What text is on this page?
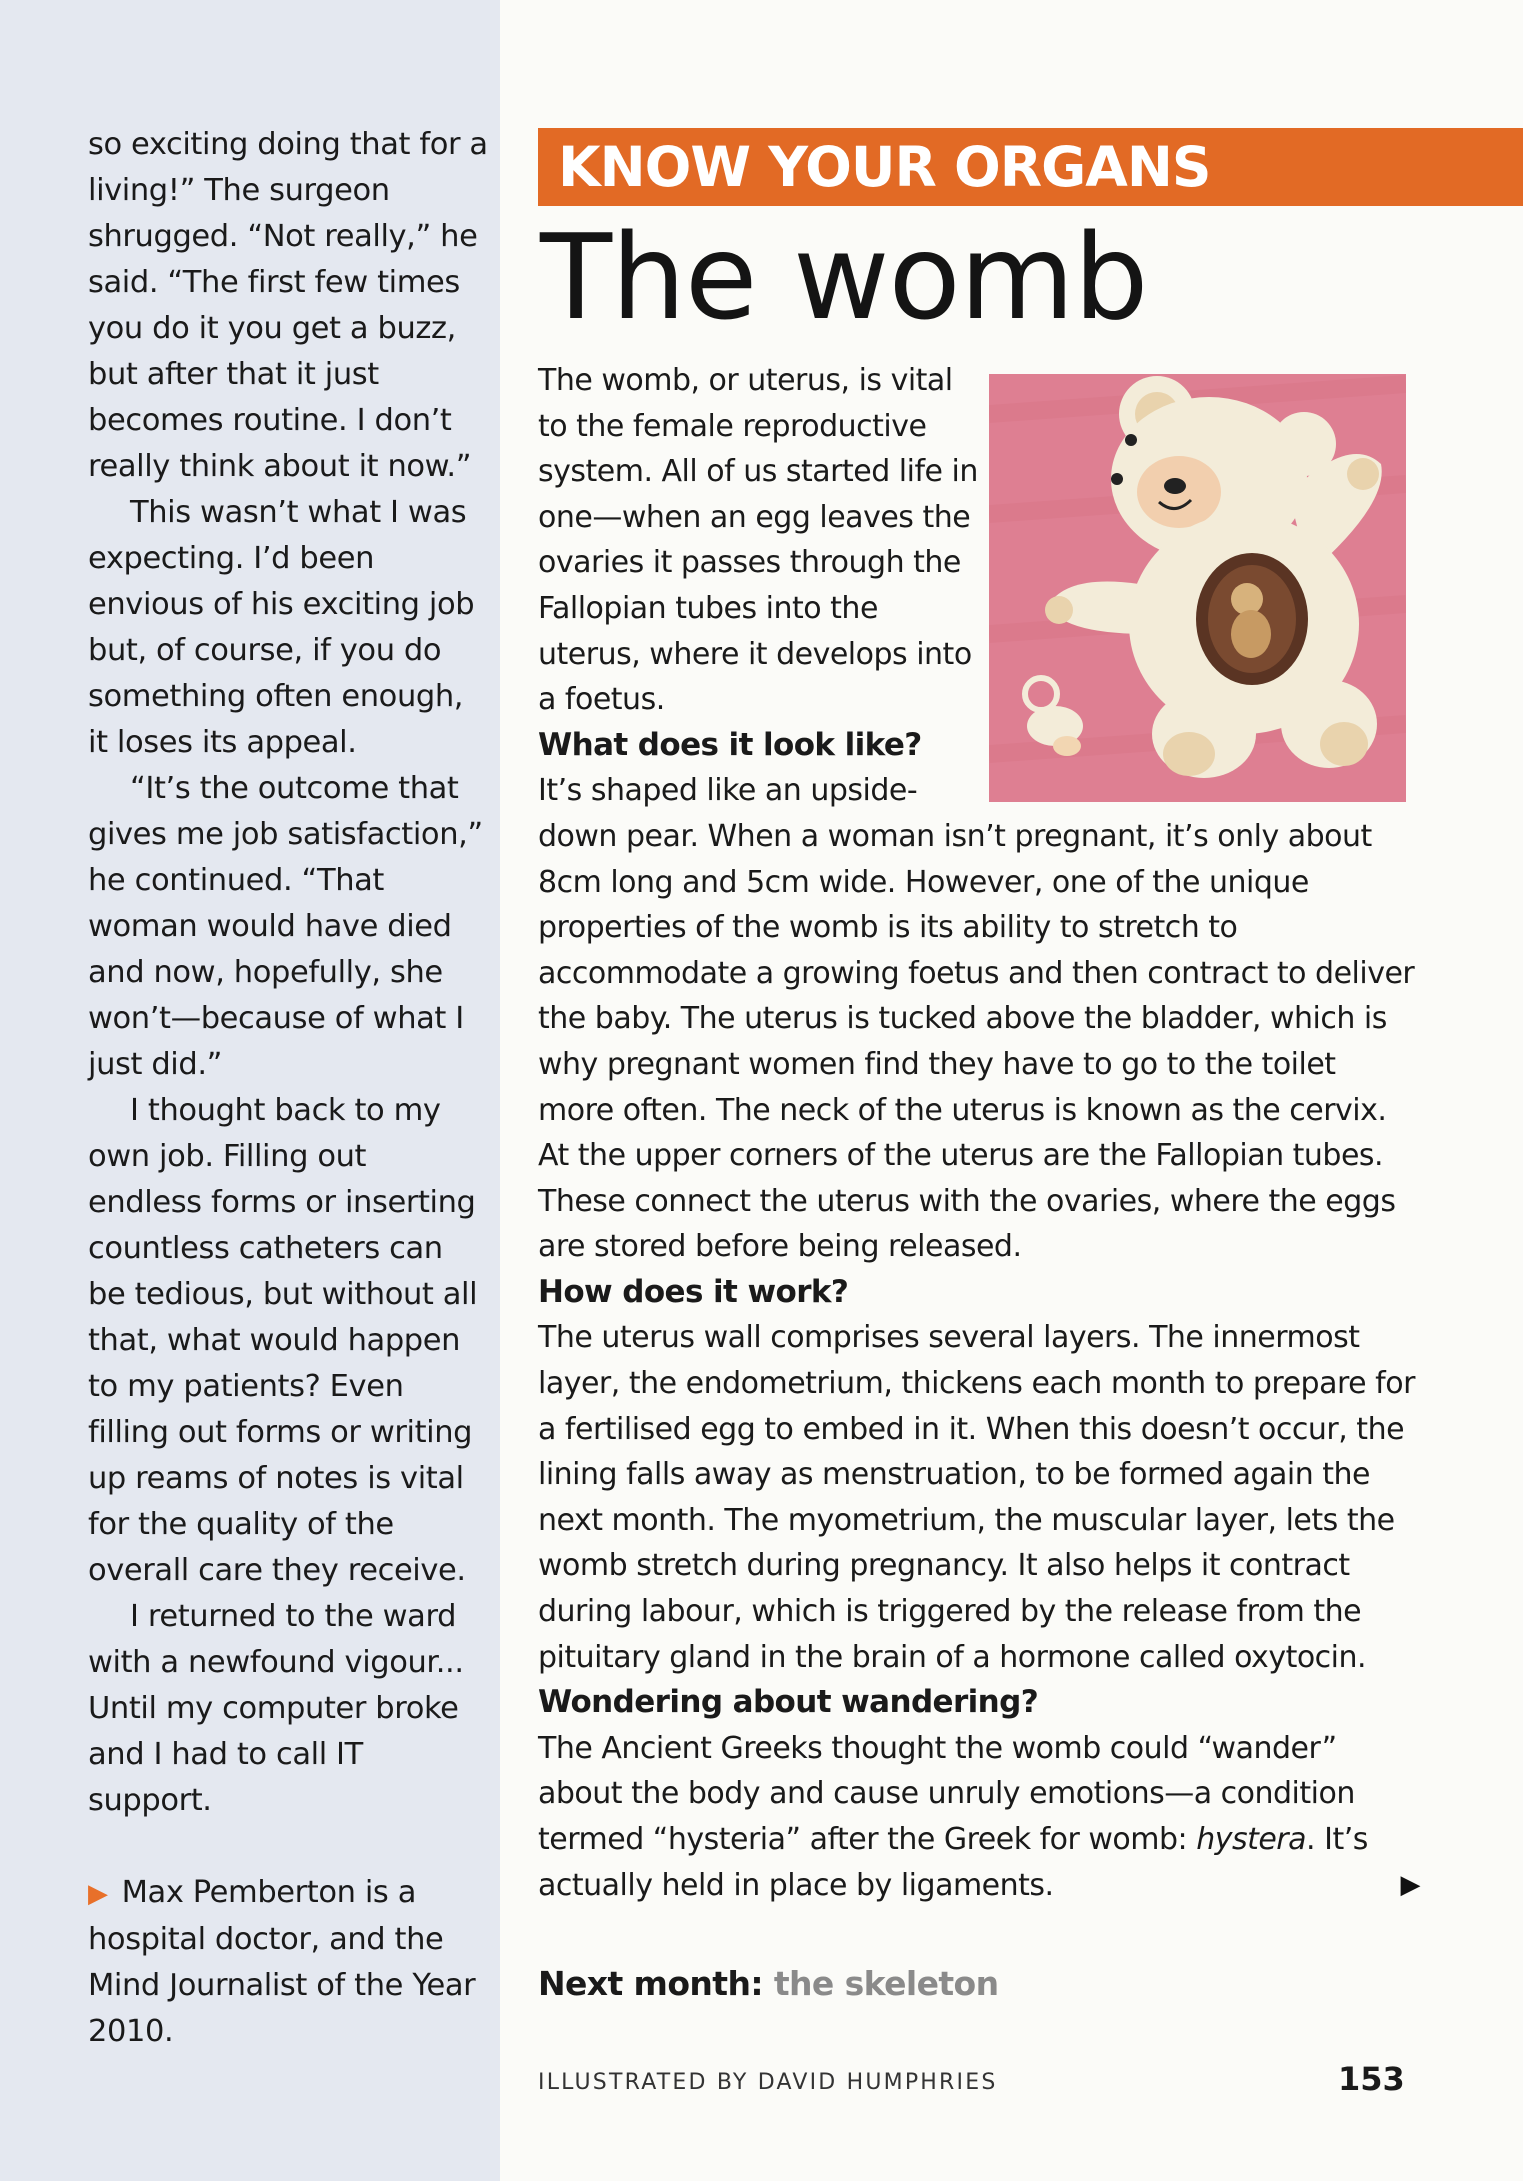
so exciting doing that for a living!” The surgeon shrugged. “Not really,” he said. “The first few times you do it you get a buzz, but after that it just becomes routine. I don’t really think about it now.”

This wasn’t what I was expecting. I’d been envious of his exciting job but, of course, if you do something often enough, it loses its appeal.

“It’s the outcome that gives me job satisfaction,” he continued. “That woman would have died and now, hopefully, she won’t—because of what I just did.”

I thought back to my own job. Filling out endless forms or inserting countless catheters can be tedious, but without all that, what would happen to my patients? Even filling out forms or writing up reams of notes is vital for the quality of the overall care they receive.

I returned to the ward with a newfound vigour... Until my computer broke and I had to call IT support.

▶ Max Pemberton is a hospital doctor, and the Mind Journalist of the Year 2010.

KNOW YOUR ORGANS
The womb

The womb, or uterus, is vital to the female reproductive system. All of us started life in one—when an egg leaves the ovaries it passes through the Fallopian tubes into the uterus, where it develops into a foetus.

What does it look like?

It’s shaped like an upside-

down pear. When a woman isn’t pregnant, it’s only about 8cm long and 5cm wide. However, one of the unique properties of the womb is its ability to stretch to accommodate a growing foetus and then contract to deliver the baby. The uterus is tucked above the bladder, which is why pregnant women find they have to go to the toilet more often. The neck of the uterus is known as the cervix. At the upper corners of the uterus are the Fallopian tubes. These connect the uterus with the ovaries, where the eggs are stored before being released.

How does it work?

The uterus wall comprises several layers. The innermost layer, the endometrium, thickens each month to prepare for a fertilised egg to embed in it. When this doesn’t occur, the lining falls away as menstruation, to be formed again the next month. The myometrium, the muscular layer, lets the womb stretch during pregnancy. It also helps it contract during labour, which is triggered by the release from the pituitary gland in the brain of a hormone called oxytocin.

Wondering about wandering?

The Ancient Greeks thought the womb could “wander” about the body and cause unruly emotions—a condition termed “hysteria” after the Greek for womb: hystera. It’s actually held in place by ligaments.	▶

Next month: the skeleton
ILLUSTRATED BY DAVID HUMPHRIES	153
